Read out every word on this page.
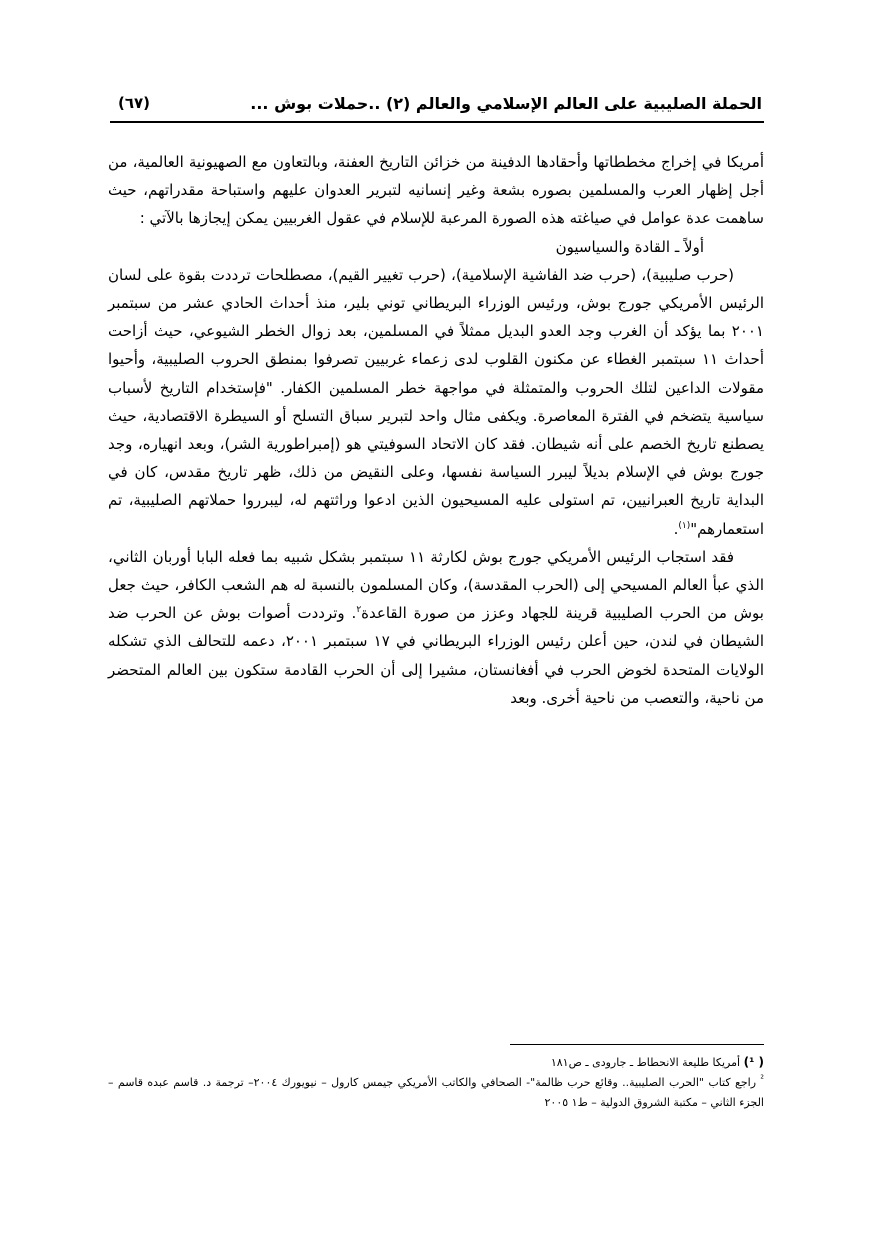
الحملة الصليبية على العالم الإسلامي والعالم (٢) ..حملات بوش ...
(٦٧)

أمريكا في إخراج مخططاتها وأحقادها الدفينة من خزائن التاريخ العفنة، وبالتعاون مع الصهيونية العالمية، من أجل إظهار العرب والمسلمين بصوره بشعة وغير إنسانيه لتبرير العدوان عليهم واستباحة مقدراتهم، حيث ساهمت عدة عوامل في صياغته هذه الصورة المرعبة للإسلام في عقول الغربيين يمكن إيجازها بالآتي :

أولاً ـ القادة والسياسيون

(حرب صليبية)، (حرب ضد الفاشية الإسلامية)، (حرب تغيير القيم)، مصطلحات ترددت بقوة على لسان الرئيس الأمريكي جورج بوش، ورئيس الوزراء البريطاني توني بلير، منذ أحداث الحادي عشر من سبتمبر ٢٠٠١ بما يؤكد أن الغرب وجد العدو البديل ممثلاً في المسلمين، بعد زوال الخطر الشيوعي، حيث أزاحت أحداث ١١ سبتمبر الغطاء عن مكنون القلوب لدى زعماء غربيين تصرفوا بمنطق الحروب الصليبية، وأحيوا مقولات الداعين لتلك الحروب والمتمثلة في مواجهة خطر المسلمين الكفار. "فإستخدام التاريخ لأسباب سياسية يتضخم في الفترة المعاصرة. ويكفى مثال واحد لتبرير سباق التسلح أو السيطرة الاقتصادية، حيث يصطنع تاريخ الخصم على أنه شيطان. فقد كان الاتحاد السوفيتي هو (إمبراطورية الشر)، وبعد انهياره، وجد جورج بوش في الإسلام بديلاً ليبرر السياسة نفسها، وعلى النقيض من ذلك، ظهر تاريخ مقدس، كان في البداية تاريخ العبرانيين، تم استولى عليه المسيحيون الذين ادعوا وراثتهم له، ليبرروا حملاتهم الصليبية، تم استعمارهم"$^{(١)}$.

فقد استجاب الرئيس الأمريكي جورج بوش لكارثة ١١ سبتمبر بشكل شبيه بما فعله البابا أوربان الثاني، الذي عبأ العالم المسيحي إلى (الحرب المقدسة)، وكان المسلمون بالنسبة له هم الشعب الكافر، حيث جعل بوش من الحرب الصليبية قرينة للجهاد وعزز من صورة القاعدة$^٢$. وترددت أصوات بوش عن الحرب ضد الشيطان في لندن، حين أعلن رئيس الوزراء البريطاني في ١٧ سبتمبر ٢٠٠١، دعمه للتحالف الذي تشكله الولايات المتحدة لخوض الحرب في أفغانستان، مشيرا إلى أن الحرب القادمة ستكون بين العالم المتحضر من ناحية، والتعصب من ناحية أخرى. وبعد

( ¹) أمريكا طليعة الانحطاط ـ جارودى ـ ص١٨١

$^{^2}$ راجع كتاب "الحرب الصليبية.. وقائع حرب ظالمة"- الصحافي والكاتب الأمريكي جيمس كارول – نيويورك ٢٠٠٤– ترجمة د. قاسم عبده قاسم – الجزء الثاني – مكتبة الشروق الدولية – ط١ ٢٠٠٥
